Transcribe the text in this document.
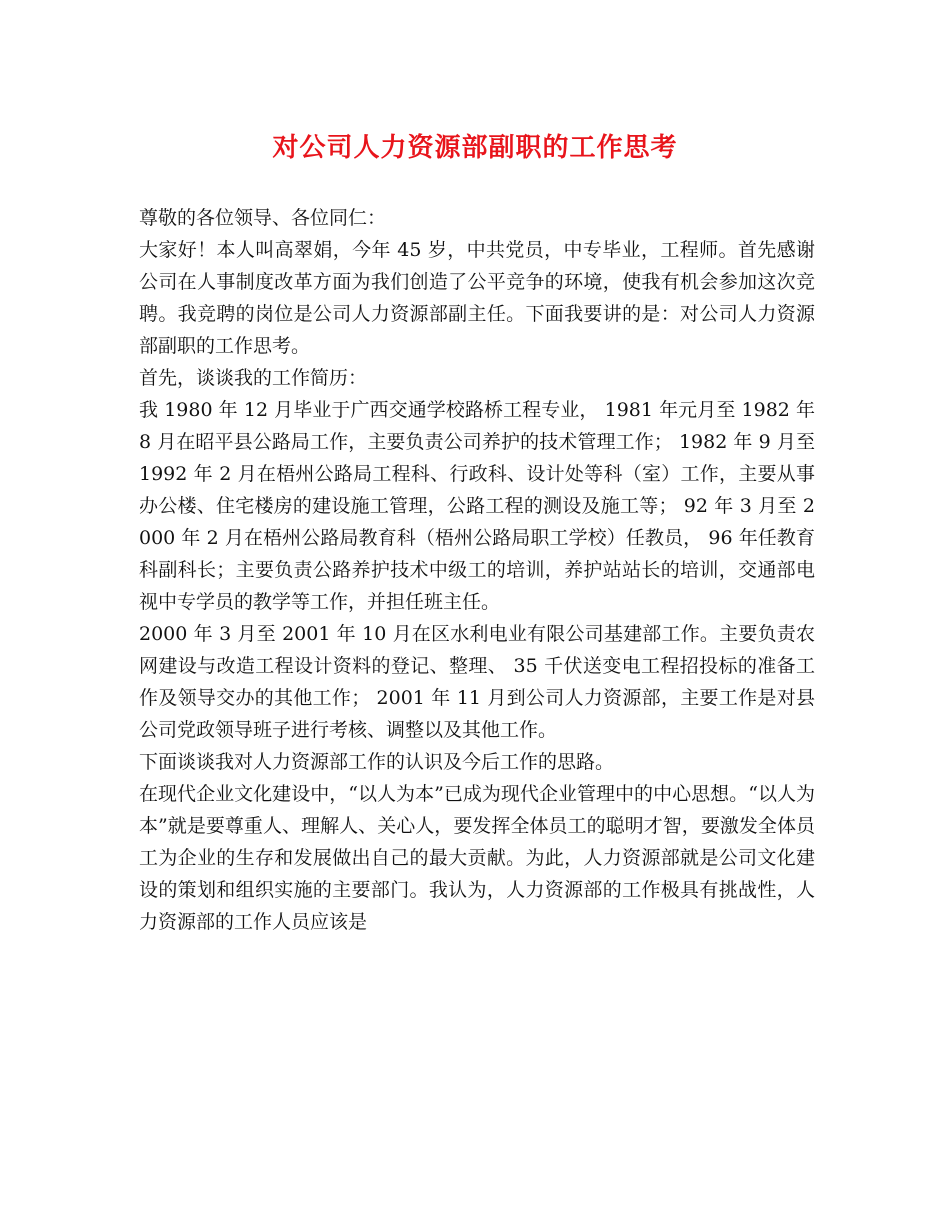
对公司人力资源部副职的工作思考

尊敬的各位领导、各位同仁：

大家好！本人叫高翠娟，今年 45 岁，中共党员，中专毕业，工程师。首先感谢公司在人事制度改革方面为我们创造了公平竞争的环境，使我有机会参加这次竞聘。我竞聘的岗位是公司人力资源部副主任。下面我要讲的是：对公司人力资源部副职的工作思考。

首先，谈谈我的工作简历：

我 1980 年 12 月毕业于广西交通学校路桥工程专业， 1981 年元月至 1982 年 8 月在昭平县公路局工作，主要负责公司养护的技术管理工作； 1982 年 9 月至 1992 年 2 月在梧州公路局工程科、行政科、设计处等科（室）工作，主要从事办公楼、住宅楼房的建设施工管理，公路工程的测设及施工等； 92 年 3 月至 2000 年 2 月在梧州公路局教育科（梧州公路局职工学校）任教员， 96 年任教育科副科长；主要负责公路养护技术中级工的培训，养护站站长的培训，交通部电视中专学员的教学等工作，并担任班主任。

2000 年 3 月至 2001 年 10 月在区水利电业有限公司基建部工作。主要负责农网建设与改造工程设计资料的登记、整理、 35 千伏送变电工程招投标的准备工作及领导交办的其他工作； 2001 年 11 月到公司人力资源部，主要工作是对县公司党政领导班子进行考核、调整以及其他工作。

下面谈谈我对人力资源部工作的认识及今后工作的思路。

在现代企业文化建设中，“以人为本”已成为现代企业管理中的中心思想。“以人为本”就是要尊重人、理解人、关心人，要发挥全体员工的聪明才智，要激发全体员工为企业的生存和发展做出自己的最大贡献。为此，人力资源部就是公司文化建设的策划和组织实施的主要部门。我认为，人力资源部的工作极具有挑战性，人力资源部的工作人员应该是
